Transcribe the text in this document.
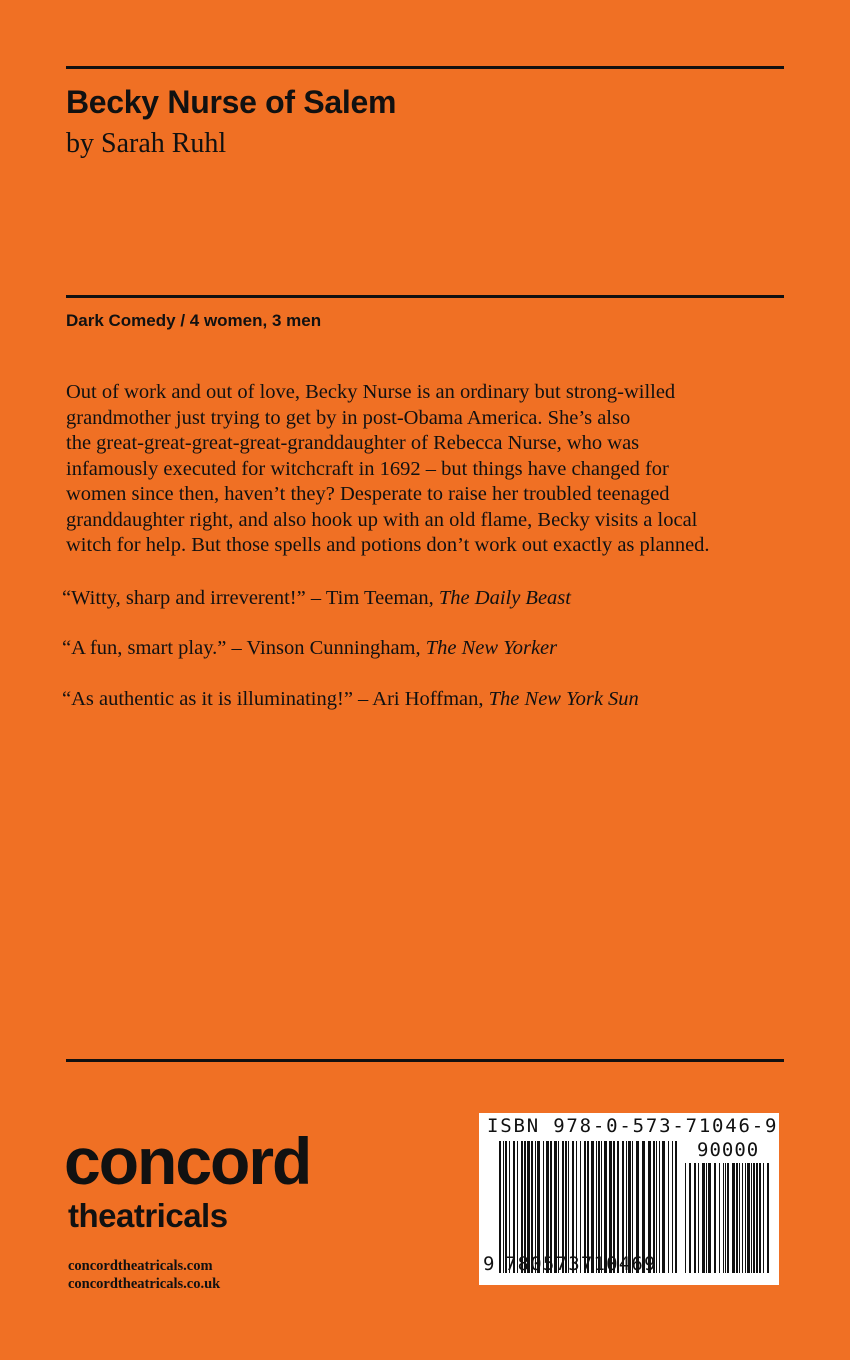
Becky Nurse of Salem
by Sarah Ruhl
Dark Comedy / 4 women, 3 men

Out of work and out of love, Becky Nurse is an ordinary but strong-willed
grandmother just trying to get by in post-Obama America. She’s also
the great-great-great-great-granddaughter of Rebecca Nurse, who was
infamously executed for witchcraft in 1692 – but things have changed for
women since then, haven’t they? Desperate to raise her troubled teenaged
granddaughter right, and also hook up with an old flame, Becky visits a local
witch for help. But those spells and potions don’t work out exactly as planned.

“Witty, sharp and irreverent!” – Tim Teeman, The Daily Beast

“A fun, smart play.” – Vinson Cunningham, The New Yorker

“As authentic as it is illuminating!” – Ari Hoffman, The New York Sun

concord
theatricals
concordtheatricals.com
concordtheatricals.co.uk
ISBN 978-0-573-71046-9
90000
9 780573710469
